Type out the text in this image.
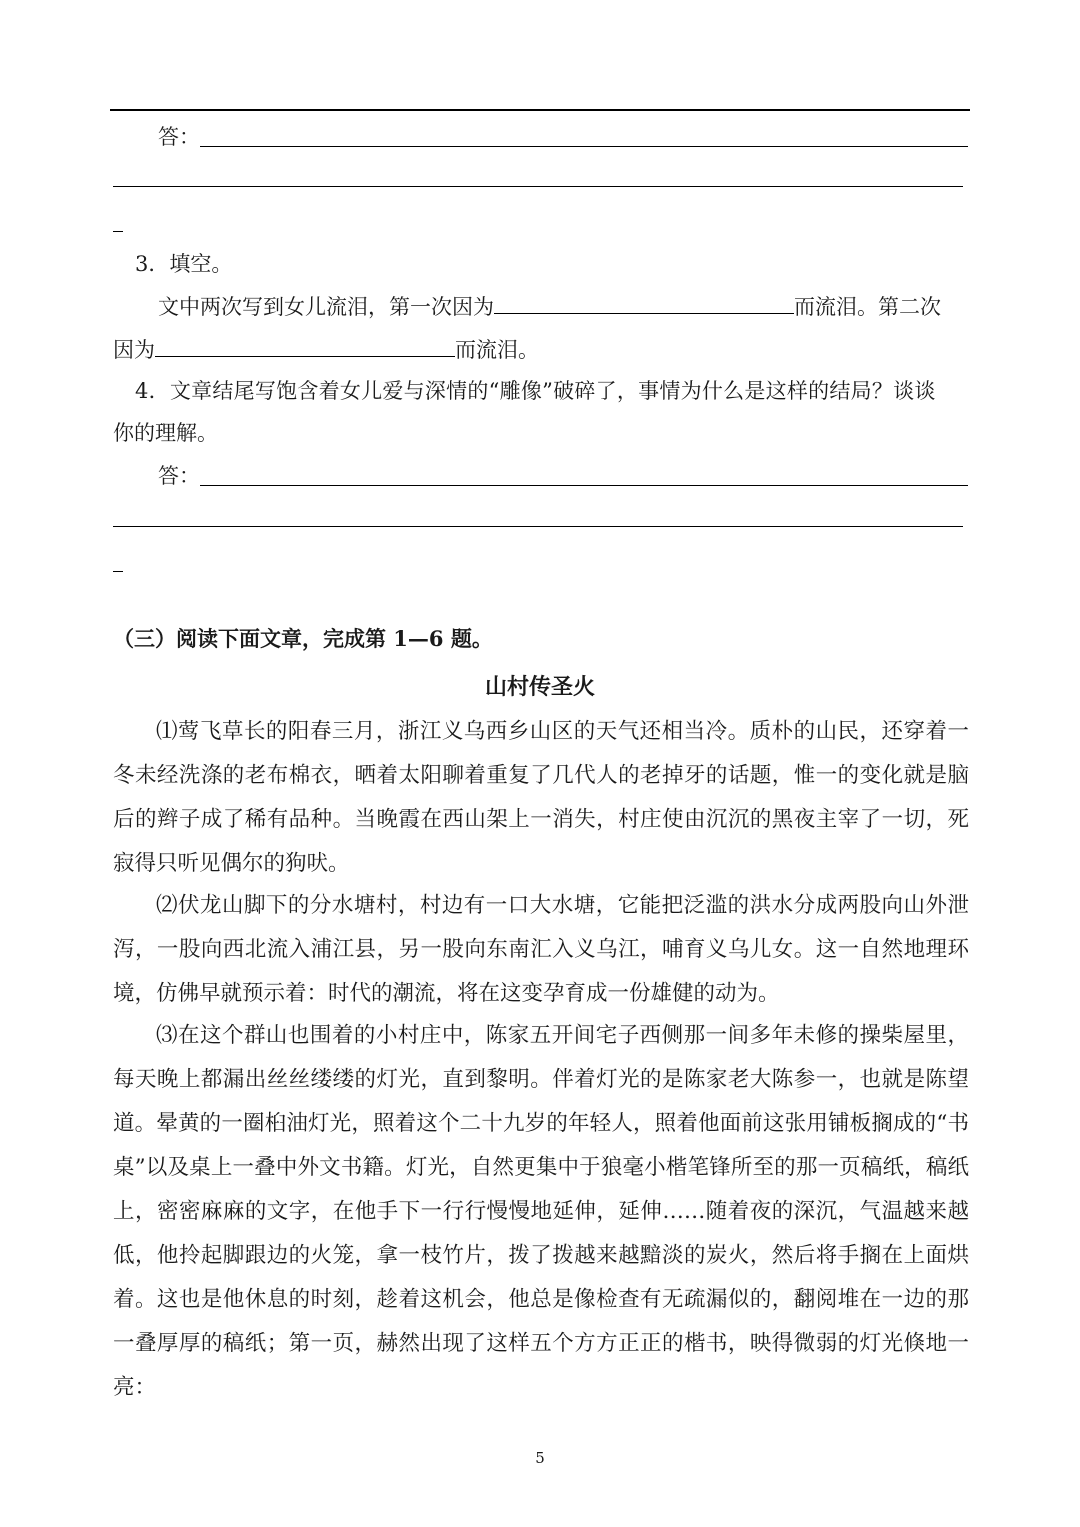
答：
3．填空。
文中两次写到女儿流泪，第一次因为	而流泪。第二次
因为	而流泪。
4．文章结尾写饱含着女儿爱与深情的“雕像”破碎了，事情为什么是这样的结局？谈谈
你的理解。
答：
（三）阅读下面文章，完成第 1—6 题。
山村传圣火

⑴莺飞草长的阳春三月，浙江义乌西乡山区的天气还相当冷。质朴的山民，还穿着一冬未经洗涤的老布棉衣，晒着太阳聊着重复了几代人的老掉牙的话题，惟一的变化就是脑后的辫子成了稀有品种。当晚霞在西山架上一消失，村庄使由沉沉的黑夜主宰了一切，死寂得只听见偶尔的狗吠。

⑵伏龙山脚下的分水塘村，村边有一口大水塘，它能把泛滥的洪水分成两股向山外泄泻，一股向西北流入浦江县，另一股向东南汇入义乌江，哺育义乌儿女。这一自然地理环境，仿佛早就预示着：时代的潮流，将在这变孕育成一份雄健的动为。

⑶在这个群山也围着的小村庄中，陈家五开间宅子西侧那一间多年未修的操柴屋里，每天晚上都漏出丝丝缕缕的灯光，直到黎明。伴着灯光的是陈家老大陈参一，也就是陈望道。晕黄的一圈桕油灯光，照着这个二十九岁的年轻人，照着他面前这张用铺板搁成的“书桌”以及桌上一叠中外文书籍。灯光，自然更集中于狼毫小楷笔锋所至的那一页稿纸，稿纸上，密密麻麻的文字，在他手下一行行慢慢地延伸，延伸……随着夜的深沉，气温越来越低，他拎起脚跟边的火笼，拿一枝竹片，拨了拨越来越黯淡的炭火，然后将手搁在上面烘着。这也是他休息的时刻，趁着这机会，他总是像检查有无疏漏似的，翻阅堆在一边的那一叠厚厚的稿纸；第一页，赫然出现了这样五个方方正正的楷书，映得微弱的灯光倏地一亮：

5
